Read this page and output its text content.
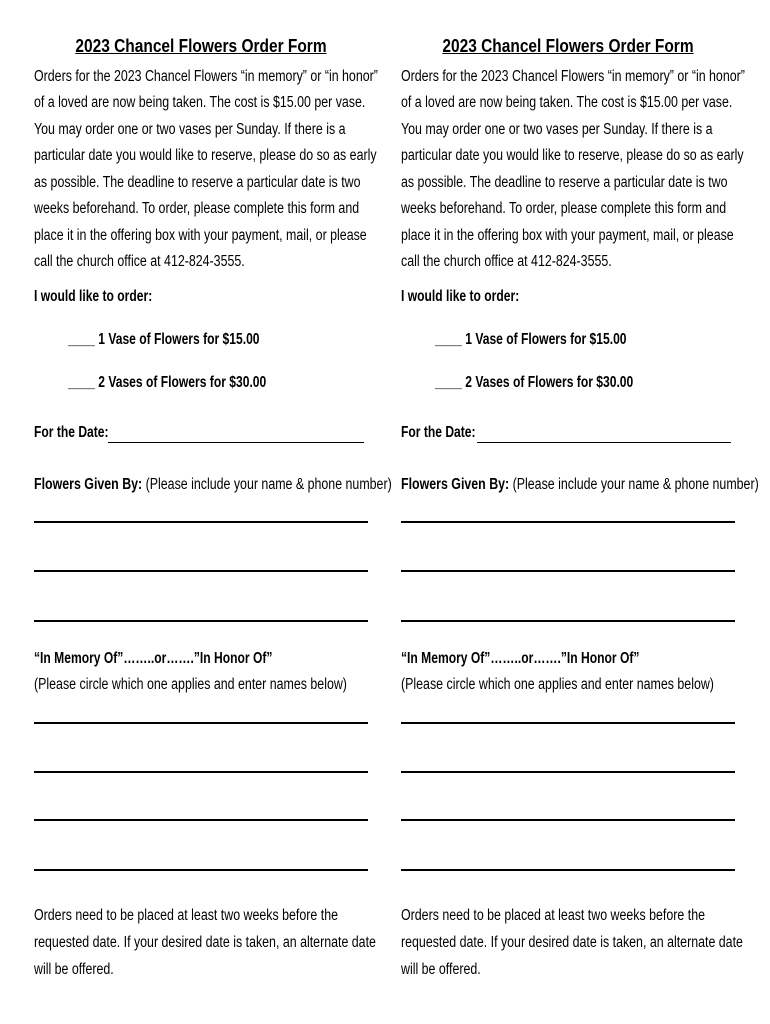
2023 Chancel Flowers Order Form
Orders for the 2023 Chancel Flowers “in memory” or “in honor”
of a loved are now being taken. The cost is $15.00 per vase.
You may order one or two vases per Sunday. If there is a
particular date you would like to reserve, please do so as early
as possible. The deadline to reserve a particular date is two
weeks beforehand. To order, please complete this form and
place it in the offering box with your payment, mail, or please
call the church office at 412-824-3555.
I would like to order:
____ 1 Vase of Flowers for $15.00
____ 2 Vases of Flowers for $30.00
For the Date:
Flowers Given By: (Please include your name & phone number)
“In Memory Of”……..or…….”In Honor Of”
(Please circle which one applies and enter names below)
Orders need to be placed at least two weeks before the
requested date. If your desired date is taken, an alternate date
will be offered.
2023 Chancel Flowers Order Form
Orders for the 2023 Chancel Flowers “in memory” or “in honor”
of a loved are now being taken. The cost is $15.00 per vase.
You may order one or two vases per Sunday. If there is a
particular date you would like to reserve, please do so as early
as possible. The deadline to reserve a particular date is two
weeks beforehand. To order, please complete this form and
place it in the offering box with your payment, mail, or please
call the church office at 412-824-3555.
I would like to order:
____ 1 Vase of Flowers for $15.00
____ 2 Vases of Flowers for $30.00
For the Date:
Flowers Given By: (Please include your name & phone number)
“In Memory Of”……..or…….”In Honor Of”
(Please circle which one applies and enter names below)
Orders need to be placed at least two weeks before the
requested date. If your desired date is taken, an alternate date
will be offered.
